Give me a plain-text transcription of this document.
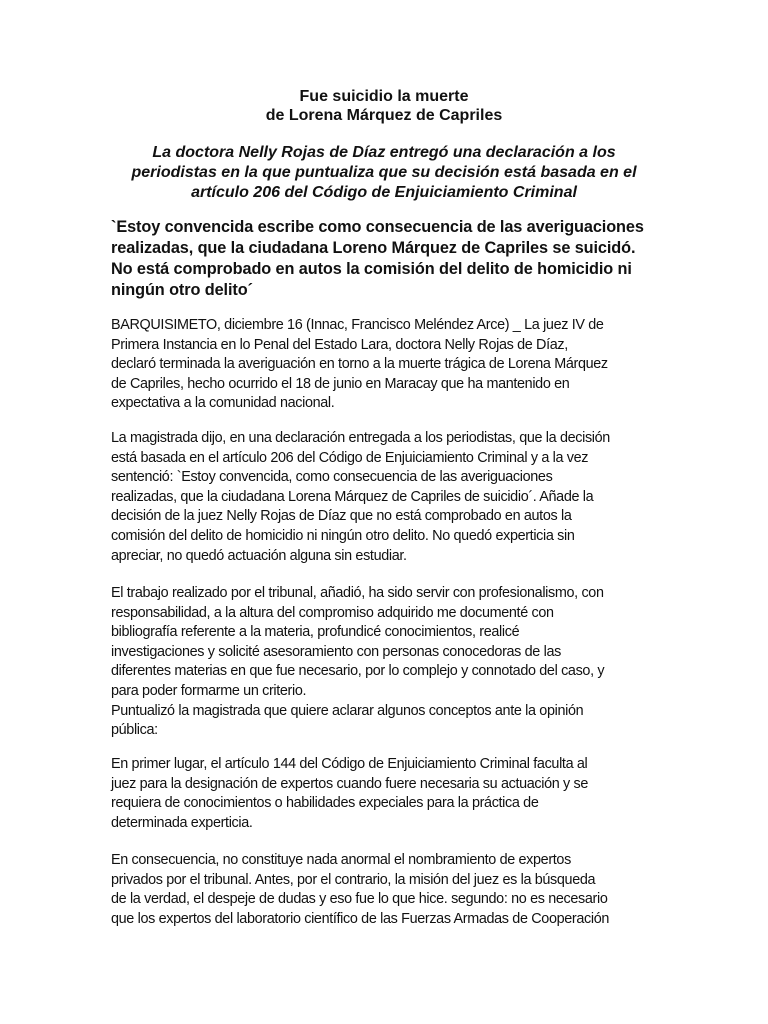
Fue suicidio la muerte

de Lorena Márquez de Capriles

La doctora Nelly Rojas de Díaz entregó una declaración a los periodistas en la que puntualiza que su decisión está basada en el artículo 206 del Código de Enjuiciamiento Criminal

`Estoy convencida escribe como consecuencia de las averiguaciones realizadas, que la ciudadana Loreno Márquez de Capriles se suicidó. No está comprobado en autos la comisión del delito de homicidio ni ningún otro delito´

BARQUISIMETO, diciembre 16 (Innac, Francisco Meléndez Arce) _ La juez IV de
Primera Instancia en lo Penal del Estado Lara, doctora Nelly Rojas de Díaz,
declaró terminada la averiguación en torno a la muerte trágica de Lorena Márquez
de Capriles, hecho ocurrido el 18 de junio en Maracay que ha mantenido en
expectativa a la comunidad nacional.

La magistrada dijo, en una declaración entregada a los periodistas, que la decisión
está basada en el artículo 206 del Código de Enjuiciamiento Criminal y a la vez
sentenció: `Estoy convencida, como consecuencia de las averiguaciones
realizadas, que la ciudadana Lorena Márquez de Capriles de suicidio´. Añade la
decisión de la juez Nelly Rojas de Díaz que no está comprobado en autos la
comisión del delito de homicidio ni ningún otro delito. No quedó experticia sin
apreciar, no quedó actuación alguna sin estudiar.

El trabajo realizado por el tribunal, añadió, ha sido servir con profesionalismo, con
responsabilidad, a la altura del compromiso adquirido me documenté con
bibliografía referente a la materia, profundicé conocimientos, realicé
investigaciones y solicité asesoramiento con personas conocedoras de las
diferentes materias en que fue necesario, por lo complejo y connotado del caso, y
para poder formarme un criterio.
Puntualizó la magistrada que quiere aclarar algunos conceptos ante la opinión
pública:

En primer lugar, el artículo 144 del Código de Enjuiciamiento Criminal faculta al
juez para la designación de expertos cuando fuere necesaria su actuación y se
requiera de conocimientos o habilidades expeciales para la práctica de
determinada experticia.

En consecuencia, no constituye nada anormal el nombramiento de expertos
privados por el tribunal. Antes, por el contrario, la misión del juez es la búsqueda
de la verdad, el despeje de dudas y eso fue lo que hice. segundo: no es necesario
que los expertos del laboratorio científico de las Fuerzas Armadas de Cooperación
